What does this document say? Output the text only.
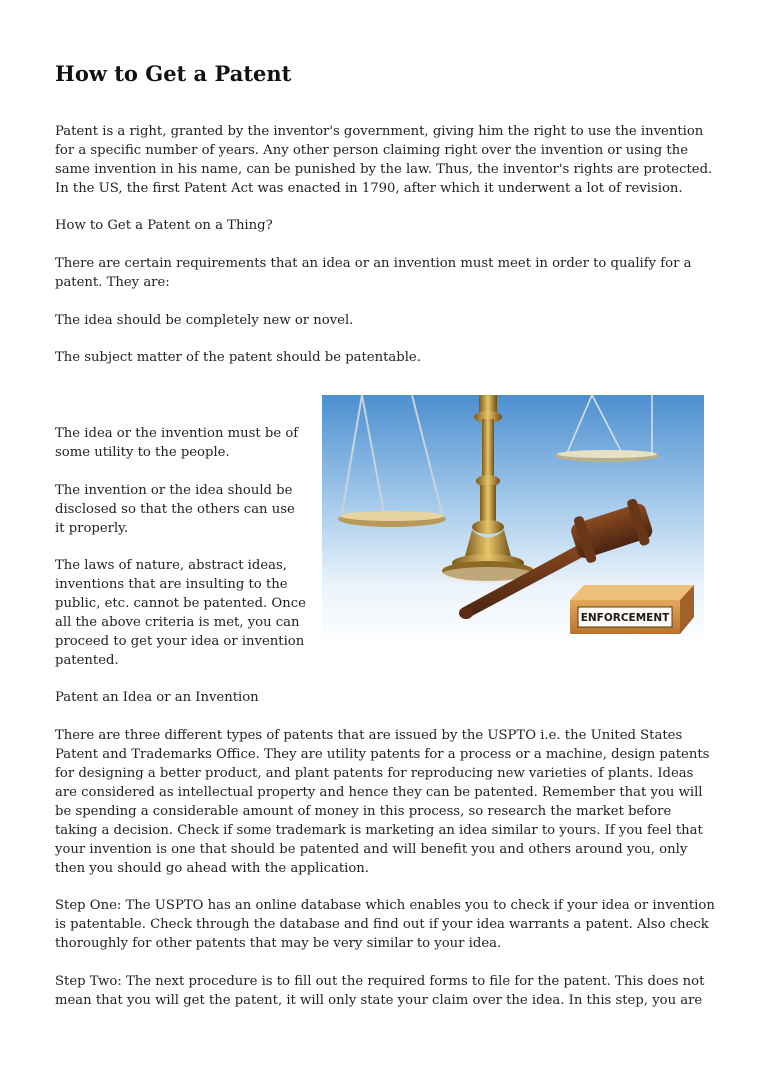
How to Get a Patent

Patent is a right, granted by the inventor's government, giving him the right to use the invention for a specific number of years. Any other person claiming right over the invention or using the same invention in his name, can be punished by the law. Thus, the inventor's rights are protected. In the US, the first Patent Act was enacted in 1790, after which it underwent a lot of revision.

How to Get a Patent on a Thing?

There are certain requirements that an idea or an invention must meet in order to qualify for a patent. They are:

The idea should be completely new or novel.

The subject matter of the patent should be patentable.

The idea or the invention must be of some utility to the people.

The invention or the idea should be disclosed so that the others can use it properly.

The laws of nature, abstract ideas, inventions that are insulting to the public, etc. cannot be patented. Once all the above criteria is met, you can proceed to get your idea or invention patented.

ENFORCEMENT

Patent an Idea or an Invention

There are three different types of patents that are issued by the USPTO i.e. the United States Patent and Trademarks Office. They are utility patents for a process or a machine, design patents for designing a better product, and plant patents for reproducing new varieties of plants. Ideas are considered as intellectual property and hence they can be patented. Remember that you will be spending a considerable amount of money in this process, so research the market before taking a decision. Check if some trademark is marketing an idea similar to yours. If you feel that your invention is one that should be patented and will benefit you and others around you, only then you should go ahead with the application.

Step One: The USPTO has an online database which enables you to check if your idea or invention is patentable. Check through the database and find out if your idea warrants a patent. Also check thoroughly for other patents that may be very similar to your idea.

Step Two: The next procedure is to fill out the required forms to file for the patent. This does not mean that you will get the patent, it will only state your claim over the idea. In this step, you are
